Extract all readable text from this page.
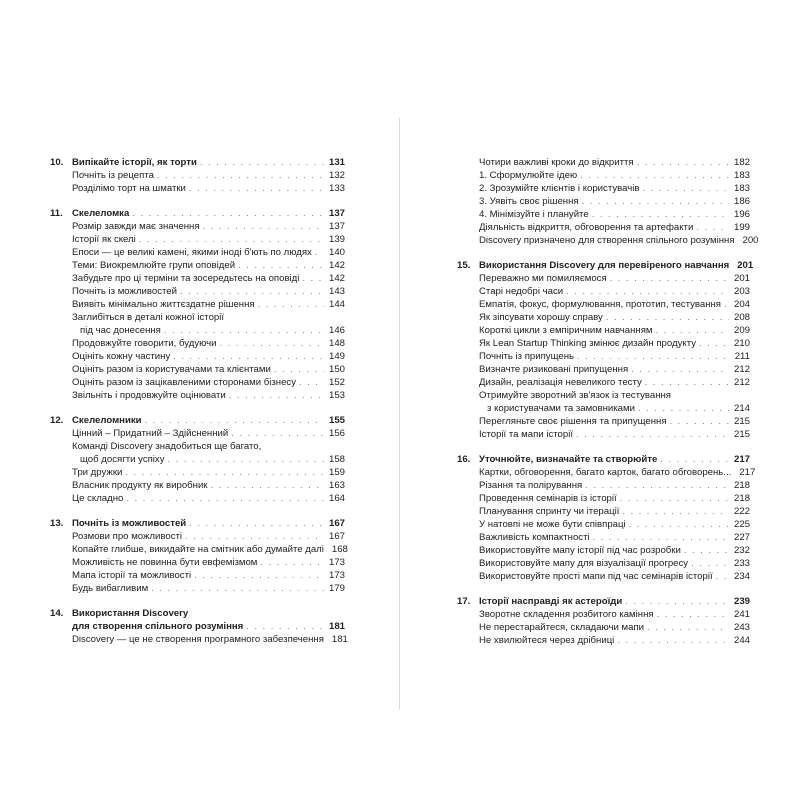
10. Випікайте історії, як торти . . .	131
Почніть із рецепта . . .	132
Розділімо торт на шматки . . .	133
11. Скелеломка . . .	137
Розмір завжди має значення . . .	137
Історії як скелі . . .	139
Епоси — це великі камені, якими іноді б'ють по людях . . . 140
Теми: Виокремлюйте групи оповідей . . .	142
Забудьте про ці терміни та зосередьтесь на оповіді . . .	142
Почніть із можливостей . . .	143
Виявіть мінімально життєздатне рішення . . .	144
Заглибіться в деталі кожної історії
під час донесення . . .	146
Продовжуйте говорити, будуючи . . .	148
Оцініть кожну частину . . .	149
Оцініть разом із користувачами та клієнтами . . .	150
Оцініть разом із зацікавленими сторонами бізнесу . . .	152
Звільніть і продовжуйте оцінювати . . .	153
12. Скелеломники . . .	155
Цінний – Придатний – Здійсненний . . .	156
Команді Discovery знадобиться ще багато,
щоб досягти успіху . . .	158
Три дружки . . .	159
Власник продукту як виробник . . .	163
Це складно . . .	164
13. Почніть із можливостей . . .	167
Розмови про можливості . . .	167
Копайте глибше, викидайте на смітник або думайте далі 168
Можливість не повинна бути евфемізмом . . .	173
Мапа історії та можливості . . .	173
Будь вибагливим . . .	179
14. Використання Discovery
для створення спільного розуміння . . .	181
Discovery — це не створення програмного забезпечення 181
Чотири важливі кроки до відкриття . . .	182
1. Сформулюйте ідею . . .	183
2. Зрозумійте клієнтів і користувачів . . .	183
3. Уявіть своє рішення . . .	186
4. Мінімізуйте і плануйте . . .	196
Діяльність відкриття, обговорення та артефакти . . .	199
Discovery призначено для створення спільного розуміння 200
15. Використання Discovery для перевіреного навчання 201
Переважно ми помиляємося . . .	201
Старі недобрі часи . . .	203
Емпатія, фокус, формулювання, прототип, тестування . . . 204
Як зіпсувати хорошу справу . . .	208
Короткі цикли з емпіричним навчанням . . .	209
Як Lean Startup Thinking змінює дизайн продукту . . .	210
Почніть із припущень . . .	211
Визначте ризиковані припущення . . .	212
Дизайн, реалізація невеликого тесту . . .	212
Отримуйте зворотний зв'язок із тестування
з користувачами та замовниками . . .	214
Перегляньте своє рішення та припущення . . .	215
Історії та мапи історії . . .	215
16. Уточнюйте, визначайте та створюйте . . .	217
Картки, обговорення, багато карток, багато обговорень... 217
Різання та полірування . . .	218
Проведення семінарів із історії . . .	218
Планування спринту чи ітерації . . .	222
У натовпі не може бути співпраці . . .	225
Важливість компактності . . .	227
Використовуйте мапу історії під час розробки . . .	232
Використовуйте мапу для візуалізації прогресу . . .	233
Використовуйте прості мапи під час семінарів історії . . . 234
17. Історії насправді як астероїди . . .	239
Зворотне складення розбитого каміння . . .	241
Не перестарайтеся, складаючи мапи . . .	243
Не хвилюйтеся через дрібниці . . .	244
